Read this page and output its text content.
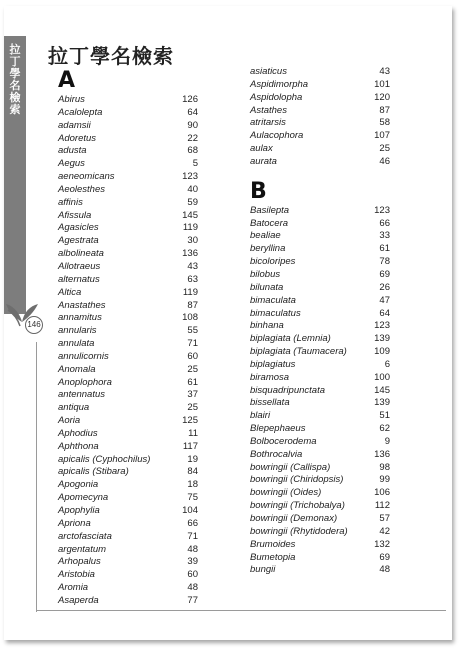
拉
丁
學
名
檢
索
146
拉丁學名檢索
A
Abirus	126
Acalolepta	64
adamsii	90
Adoretus	22
adusta	68
Aegus	5
aeneomicans	123
Aeolesthes	40
affinis	59
Afissula	145
Agasicles	119
Agestrata	30
albolineata	136
Allotraeus	43
alternatus	63
Altica	119
Anastathes	87
annamitus	108
annularis	55
annulata	71
annulicornis	60
Anomala	25
Anoplophora	61
antennatus	37
antiqua	25
Aoria	125
Aphodius	11
Aphthona	117
apicalis (Cyphochilus)	19
apicalis (Stibara)	84
Apogonia	18
Apomecyna	75
Apophylia	104
Apriona	66
arctofasciata	71
argentatum	48
Arhopalus	39
Aristobia	60
Aromia	48
Asaperda	77
asiaticus	43
Aspidimorpha	101
Aspidolopha	120
Astathes	87
atritarsis	58
Aulacophora	107
aulax	25
aurata	46
B
Basilepta	123
Batocera	66
bealiae	33
beryllina	61
bicoloripes	78
bilobus	69
bilunata	26
bimaculata	47
bimaculatus	64
binhana	123
biplagiata (Lemnia)	139
biplagiata (Taumacera)	109
biplagiatus	6
biramosa	100
bisquadripunctata	145
bissellata	139
blairi	51
Blepephaeus	62
Bolbocerodema	9
Bothrocalvia	136
bowringii (Callispa)	98
bowringii (Chiridopsis)	99
bowringii (Oides)	106
bowringii (Trichobalya)	112
bowringii (Demonax)	57
bowringii (Rhytidodera)	42
Brumoides	132
Bumetopia	69
bungii	48
